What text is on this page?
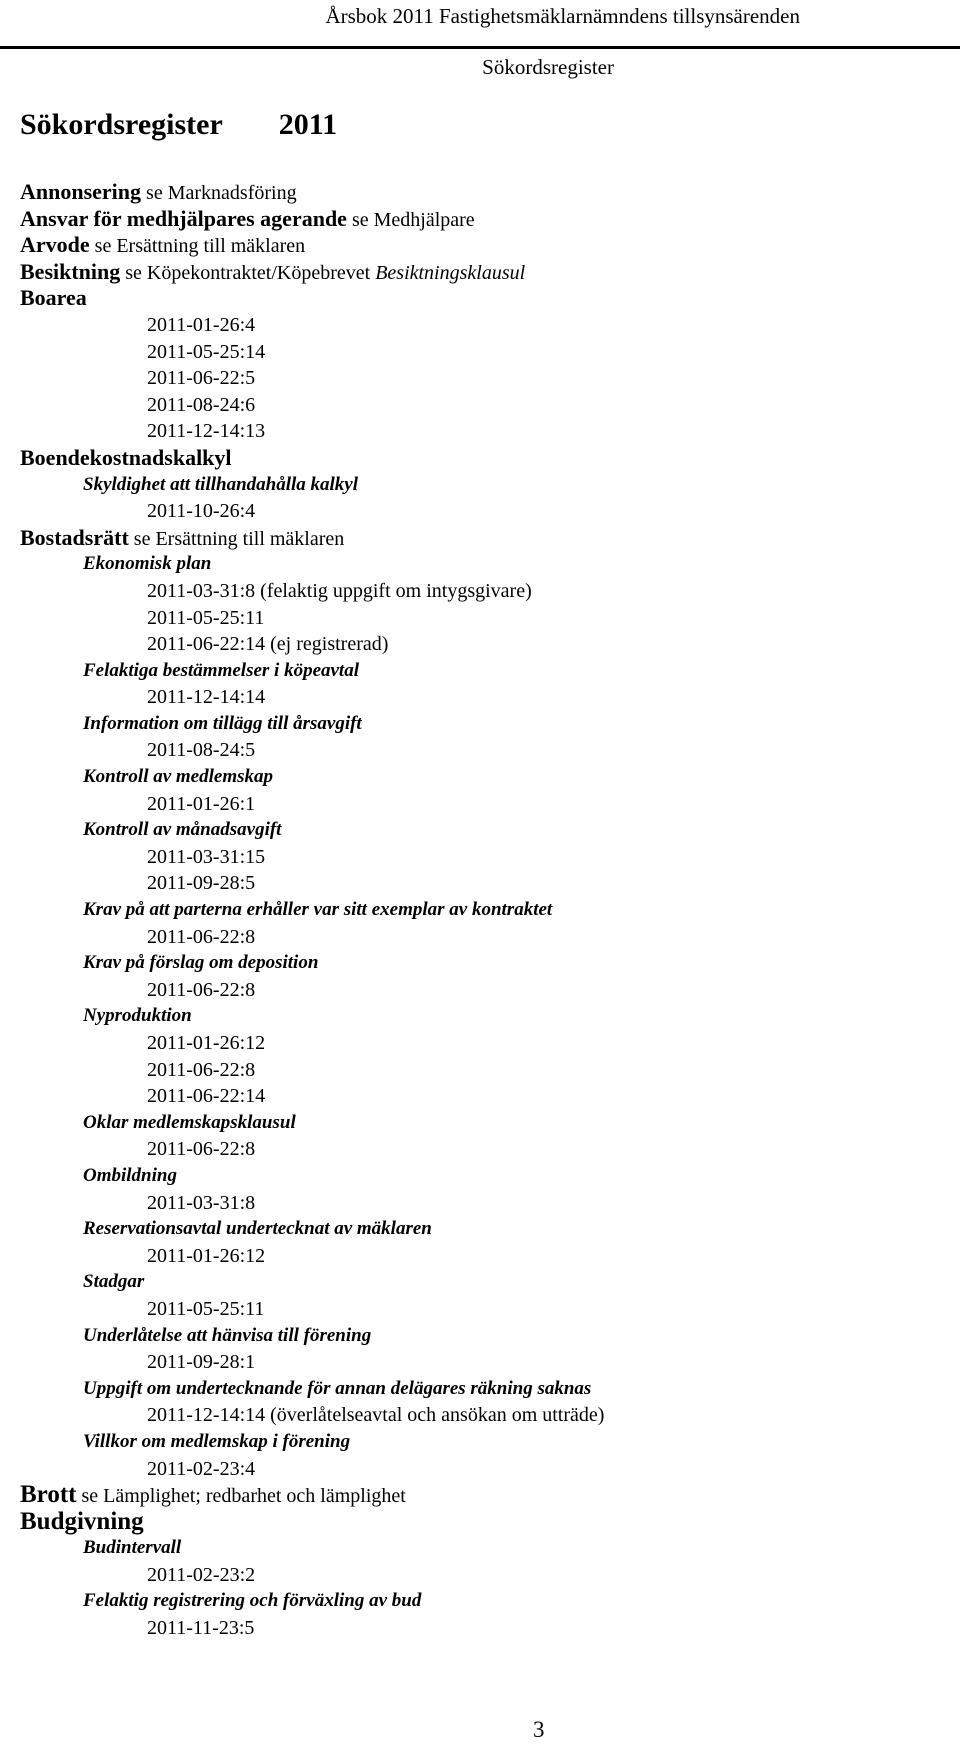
Årsbok 2011 Fastighetsmäklarnämndens tillsynsärenden
Sökordsregister
Sökordsregister 2011
Annonsering se Marknadsföring
Ansvar för medhjälpares agerande se Medhjälpare
Arvode se Ersättning till mäklaren
Besiktning se Köpekontraktet/Köpebrevet Besiktningsklausul
Boarea
2011-01-26:4
2011-05-25:14
2011-06-22:5
2011-08-24:6
2011-12-14:13
Boendekostnadskalkyl
Skyldighet att tillhandahålla kalkyl
2011-10-26:4
Bostadsrätt se Ersättning till mäklaren
Ekonomisk plan
2011-03-31:8 (felaktig uppgift om intygsgivare)
2011-05-25:11
2011-06-22:14 (ej registrerad)
Felaktiga bestämmelser i köpeavtal
2011-12-14:14
Information om tillägg till årsavgift
2011-08-24:5
Kontroll av medlemskap
2011-01-26:1
Kontroll av månadsavgift
2011-03-31:15
2011-09-28:5
Krav på att parterna erhåller var sitt exemplar av kontraktet
2011-06-22:8
Krav på förslag om deposition
2011-06-22:8
Nyproduktion
2011-01-26:12
2011-06-22:8
2011-06-22:14
Oklar medlemskapsklausul
2011-06-22:8
Ombildning
2011-03-31:8
Reservationsavtal undertecknat av mäklaren
2011-01-26:12
Stadgar
2011-05-25:11
Underlåtelse att hänvisa till förening
2011-09-28:1
Uppgift om undertecknande för annan delägares räkning saknas
2011-12-14:14 (överlåtelseavtal och ansökan om utträde)
Villkor om medlemskap i förening
2011-02-23:4
Brott se Lämplighet; redbarhet och lämplighet
Budgivning
Budintervall
2011-02-23:2
Felaktig registrering och förväxling av bud
2011-11-23:5
3
